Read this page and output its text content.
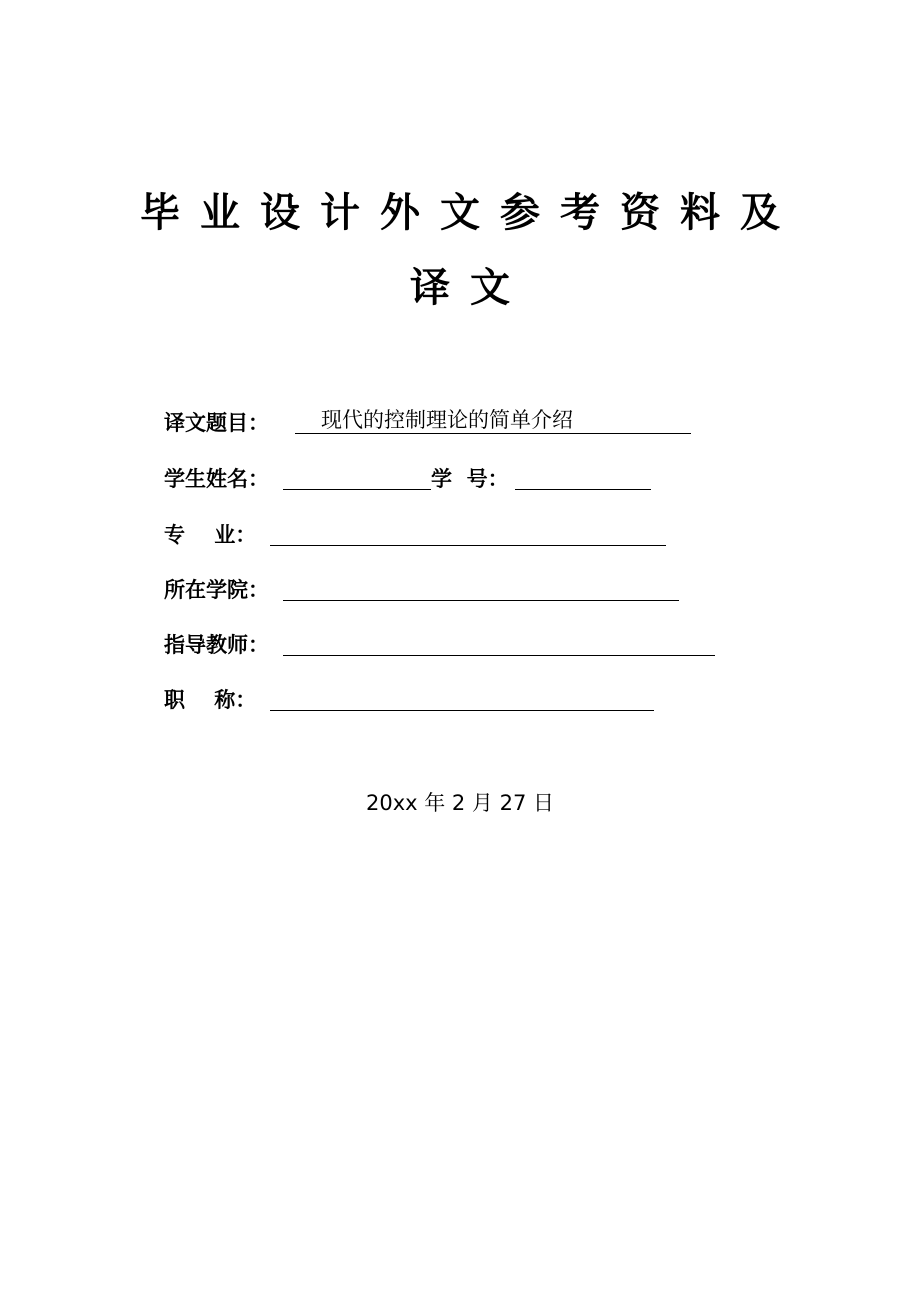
毕业设计外文参考资料及
译文
译文题目： 现代的控制理论的简单介绍
学生姓名：	学  号：
专    业：
所在学院：
指导教师：
职    称：
20xx 年 2 月 27 日
